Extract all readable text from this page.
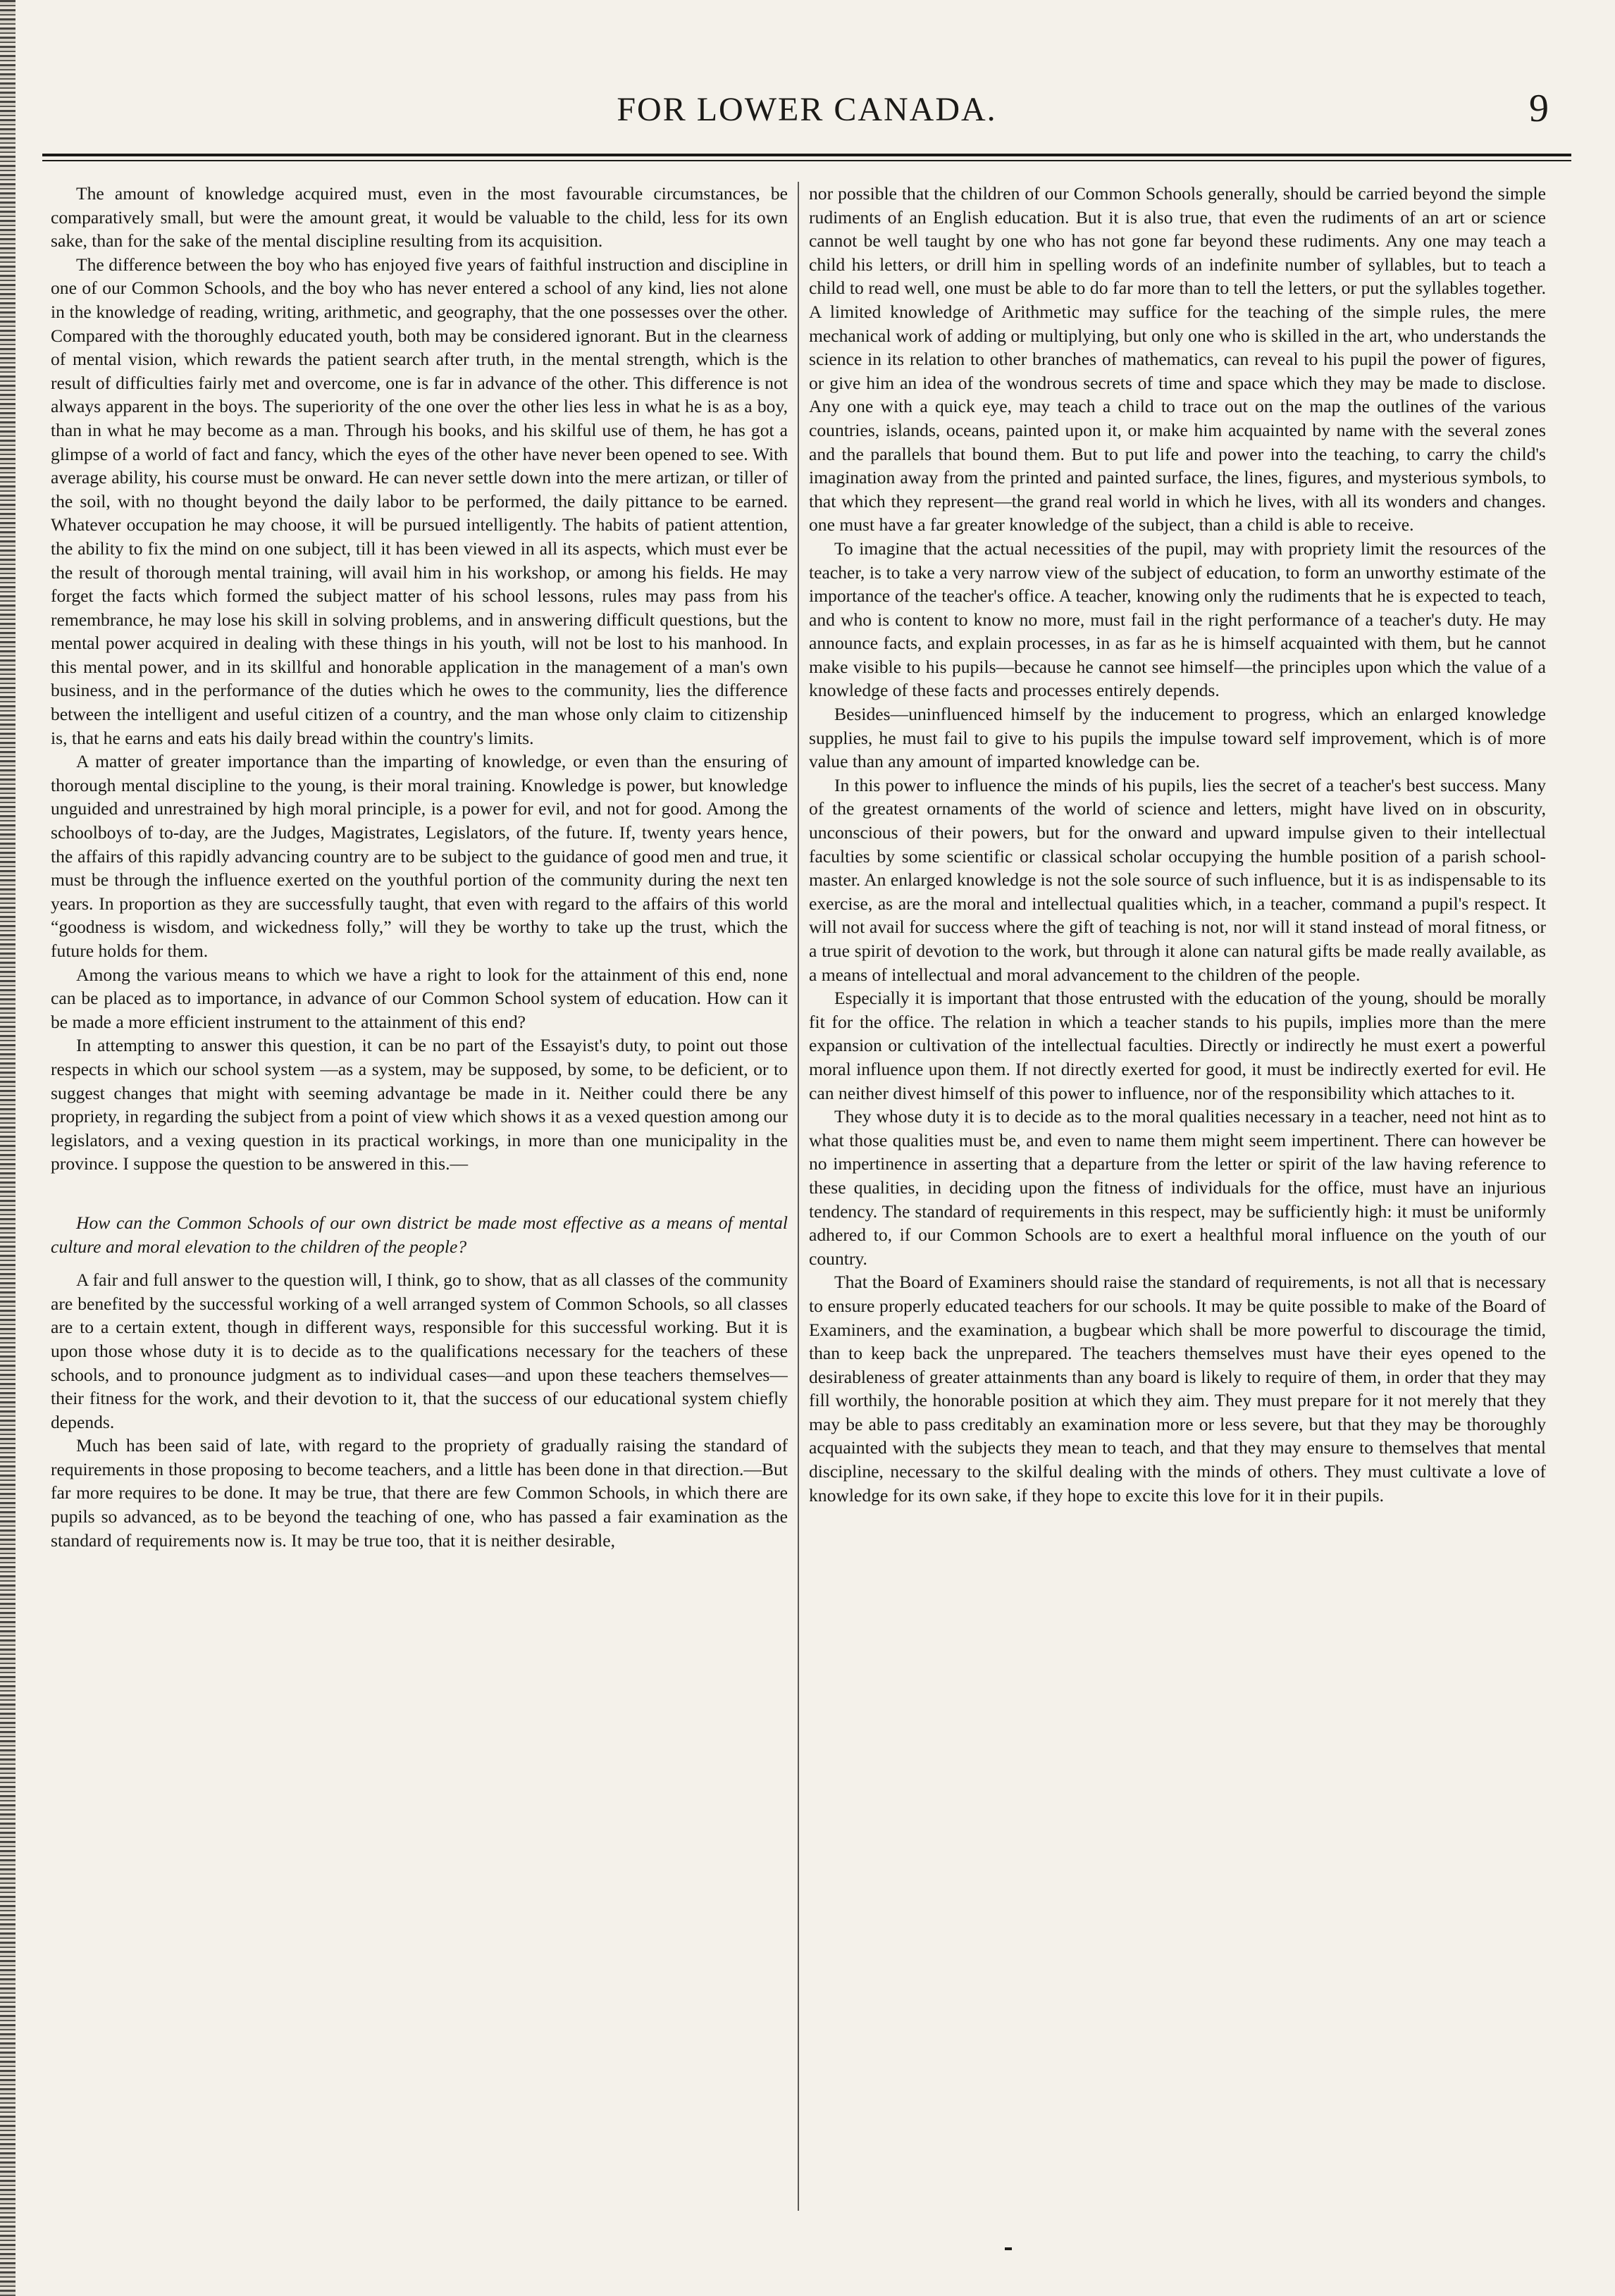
FOR LOWER CANADA.	9

The amount of knowledge acquired must, even in the most favourable circumstances, be comparatively small, but were the amount great, it would be valuable to the child, less for its own sake, than for the sake of the mental discipline resulting from its acquisition.

The difference between the boy who has enjoyed five years of faithful instruction and discipline in one of our Common Schools, and the boy who has never entered a school of any kind, lies not alone in the knowledge of reading, writing, arithmetic, and geography, that the one possesses over the other. Compared with the thoroughly educated youth, both may be considered ignorant. But in the clearness of mental vision, which rewards the patient search after truth, in the mental strength, which is the result of difficulties fairly met and overcome, one is far in advance of the other. This difference is not always apparent in the boys. The superiority of the one over the other lies less in what he is as a boy, than in what he may become as a man. Through his books, and his skilful use of them, he has got a glimpse of a world of fact and fancy, which the eyes of the other have never been opened to see. With average ability, his course must be onward. He can never settle down into the mere artizan, or tiller of the soil, with no thought beyond the daily labor to be performed, the daily pittance to be earned. Whatever occupation he may choose, it will be pursued intelligently. The habits of patient attention, the ability to fix the mind on one subject, till it has been viewed in all its aspects, which must ever be the result of thorough mental training, will avail him in his workshop, or among his fields. He may forget the facts which formed the subject matter of his school lessons, rules may pass from his remembrance, he may lose his skill in solving problems, and in answering difficult questions, but the mental power acquired in dealing with these things in his youth, will not be lost to his manhood. In this mental power, and in its skillful and honorable application in the management of a man's own business, and in the performance of the duties which he owes to the community, lies the difference between the intelligent and useful citizen of a country, and the man whose only claim to citizenship is, that he earns and eats his daily bread within the country's limits.

A matter of greater importance than the imparting of knowledge, or even than the ensuring of thorough mental discipline to the young, is their moral training. Knowledge is power, but knowledge unguided and unrestrained by high moral principle, is a power for evil, and not for good. Among the schoolboys of to-day, are the Judges, Magistrates, Legislators, of the future. If, twenty years hence, the affairs of this rapidly advancing country are to be subject to the guidance of good men and true, it must be through the influence exerted on the youthful portion of the community during the next ten years. In proportion as they are successfully taught, that even with regard to the affairs of this world “goodness is wisdom, and wickedness folly,” will they be worthy to take up the trust, which the future holds for them.

Among the various means to which we have a right to look for the attainment of this end, none can be placed as to importance, in advance of our Common School system of education. How can it be made a more efficient instrument to the attainment of this end?

In attempting to answer this question, it can be no part of the Essayist's duty, to point out those respects in which our school system —as a system, may be supposed, by some, to be deficient, or to suggest changes that might with seeming advantage be made in it. Neither could there be any propriety, in regarding the subject from a point of view which shows it as a vexed question among our legislators, and a vexing question in its practical workings, in more than one municipality in the province. I suppose the question to be answered in this.—

How can the Common Schools of our own district be made most effective as a means of mental culture and moral elevation to the children of the people?

A fair and full answer to the question will, I think, go to show, that as all classes of the community are benefited by the successful working of a well arranged system of Common Schools, so all classes are to a certain extent, though in different ways, responsible for this successful working. But it is upon those whose duty it is to decide as to the qualifications necessary for the teachers of these schools, and to pronounce judgment as to individual cases—and upon these teachers themselves—their fitness for the work, and their devotion to it, that the success of our educational system chiefly depends.

Much has been said of late, with regard to the propriety of gradually raising the standard of requirements in those proposing to become teachers, and a little has been done in that direction.—But far more requires to be done. It may be true, that there are few Common Schools, in which there are pupils so advanced, as to be beyond the teaching of one, who has passed a fair examination as the standard of requirements now is. It may be true too, that it is neither desirable,

nor possible that the children of our Common Schools generally, should be carried beyond the simple rudiments of an English education. But it is also true, that even the rudiments of an art or science cannot be well taught by one who has not gone far beyond these rudiments. Any one may teach a child his letters, or drill him in spelling words of an indefinite number of syllables, but to teach a child to read well, one must be able to do far more than to tell the letters, or put the syllables together. A limited knowledge of Arithmetic may suffice for the teaching of the simple rules, the mere mechanical work of adding or multiplying, but only one who is skilled in the art, who understands the science in its relation to other branches of mathematics, can reveal to his pupil the power of figures, or give him an idea of the wondrous secrets of time and space which they may be made to disclose. Any one with a quick eye, may teach a child to trace out on the map the outlines of the various countries, islands, oceans, painted upon it, or make him acquainted by name with the several zones and the parallels that bound them. But to put life and power into the teaching, to carry the child's imagination away from the printed and painted surface, the lines, figures, and mysterious symbols, to that which they represent—the grand real world in which he lives, with all its wonders and changes. one must have a far greater knowledge of the subject, than a child is able to receive.

To imagine that the actual necessities of the pupil, may with propriety limit the resources of the teacher, is to take a very narrow view of the subject of education, to form an unworthy estimate of the importance of the teacher's office. A teacher, knowing only the rudiments that he is expected to teach, and who is content to know no more, must fail in the right performance of a teacher's duty. He may announce facts, and explain processes, in as far as he is himself acquainted with them, but he cannot make visible to his pupils—because he cannot see himself—the principles upon which the value of a knowledge of these facts and processes entirely depends.

Besides—uninfluenced himself by the inducement to progress, which an enlarged knowledge supplies, he must fail to give to his pupils the impulse toward self improvement, which is of more value than any amount of imparted knowledge can be.

In this power to influence the minds of his pupils, lies the secret of a teacher's best success. Many of the greatest ornaments of the world of science and letters, might have lived on in obscurity, unconscious of their powers, but for the onward and upward impulse given to their intellectual faculties by some scientific or classical scholar occupying the humble position of a parish school-master. An enlarged knowledge is not the sole source of such influence, but it is as indispensable to its exercise, as are the moral and intellectual qualities which, in a teacher, command a pupil's respect. It will not avail for success where the gift of teaching is not, nor will it stand instead of moral fitness, or a true spirit of devotion to the work, but through it alone can natural gifts be made really available, as a means of intellectual and moral advancement to the children of the people.

Especially it is important that those entrusted with the education of the young, should be morally fit for the office. The relation in which a teacher stands to his pupils, implies more than the mere expansion or cultivation of the intellectual faculties. Directly or indirectly he must exert a powerful moral influence upon them. If not directly exerted for good, it must be indirectly exerted for evil. He can neither divest himself of this power to influence, nor of the responsibility which attaches to it.

They whose duty it is to decide as to the moral qualities necessary in a teacher, need not hint as to what those qualities must be, and even to name them might seem impertinent. There can however be no impertinence in asserting that a departure from the letter or spirit of the law having reference to these qualities, in deciding upon the fitness of individuals for the office, must have an injurious tendency. The standard of requirements in this respect, may be sufficiently high: it must be uniformly adhered to, if our Common Schools are to exert a healthful moral influence on the youth of our country.

That the Board of Examiners should raise the standard of requirements, is not all that is necessary to ensure properly educated teachers for our schools. It may be quite possible to make of the Board of Examiners, and the examination, a bugbear which shall be more powerful to discourage the timid, than to keep back the unprepared. The teachers themselves must have their eyes opened to the desirableness of greater attainments than any board is likely to require of them, in order that they may fill worthily, the honorable position at which they aim. They must prepare for it not merely that they may be able to pass creditably an examination more or less severe, but that they may be thoroughly acquainted with the subjects they mean to teach, and that they may ensure to themselves that mental discipline, necessary to the skilful dealing with the minds of others. They must cultivate a love of knowledge for its own sake, if they hope to excite this love for it in their pupils.
